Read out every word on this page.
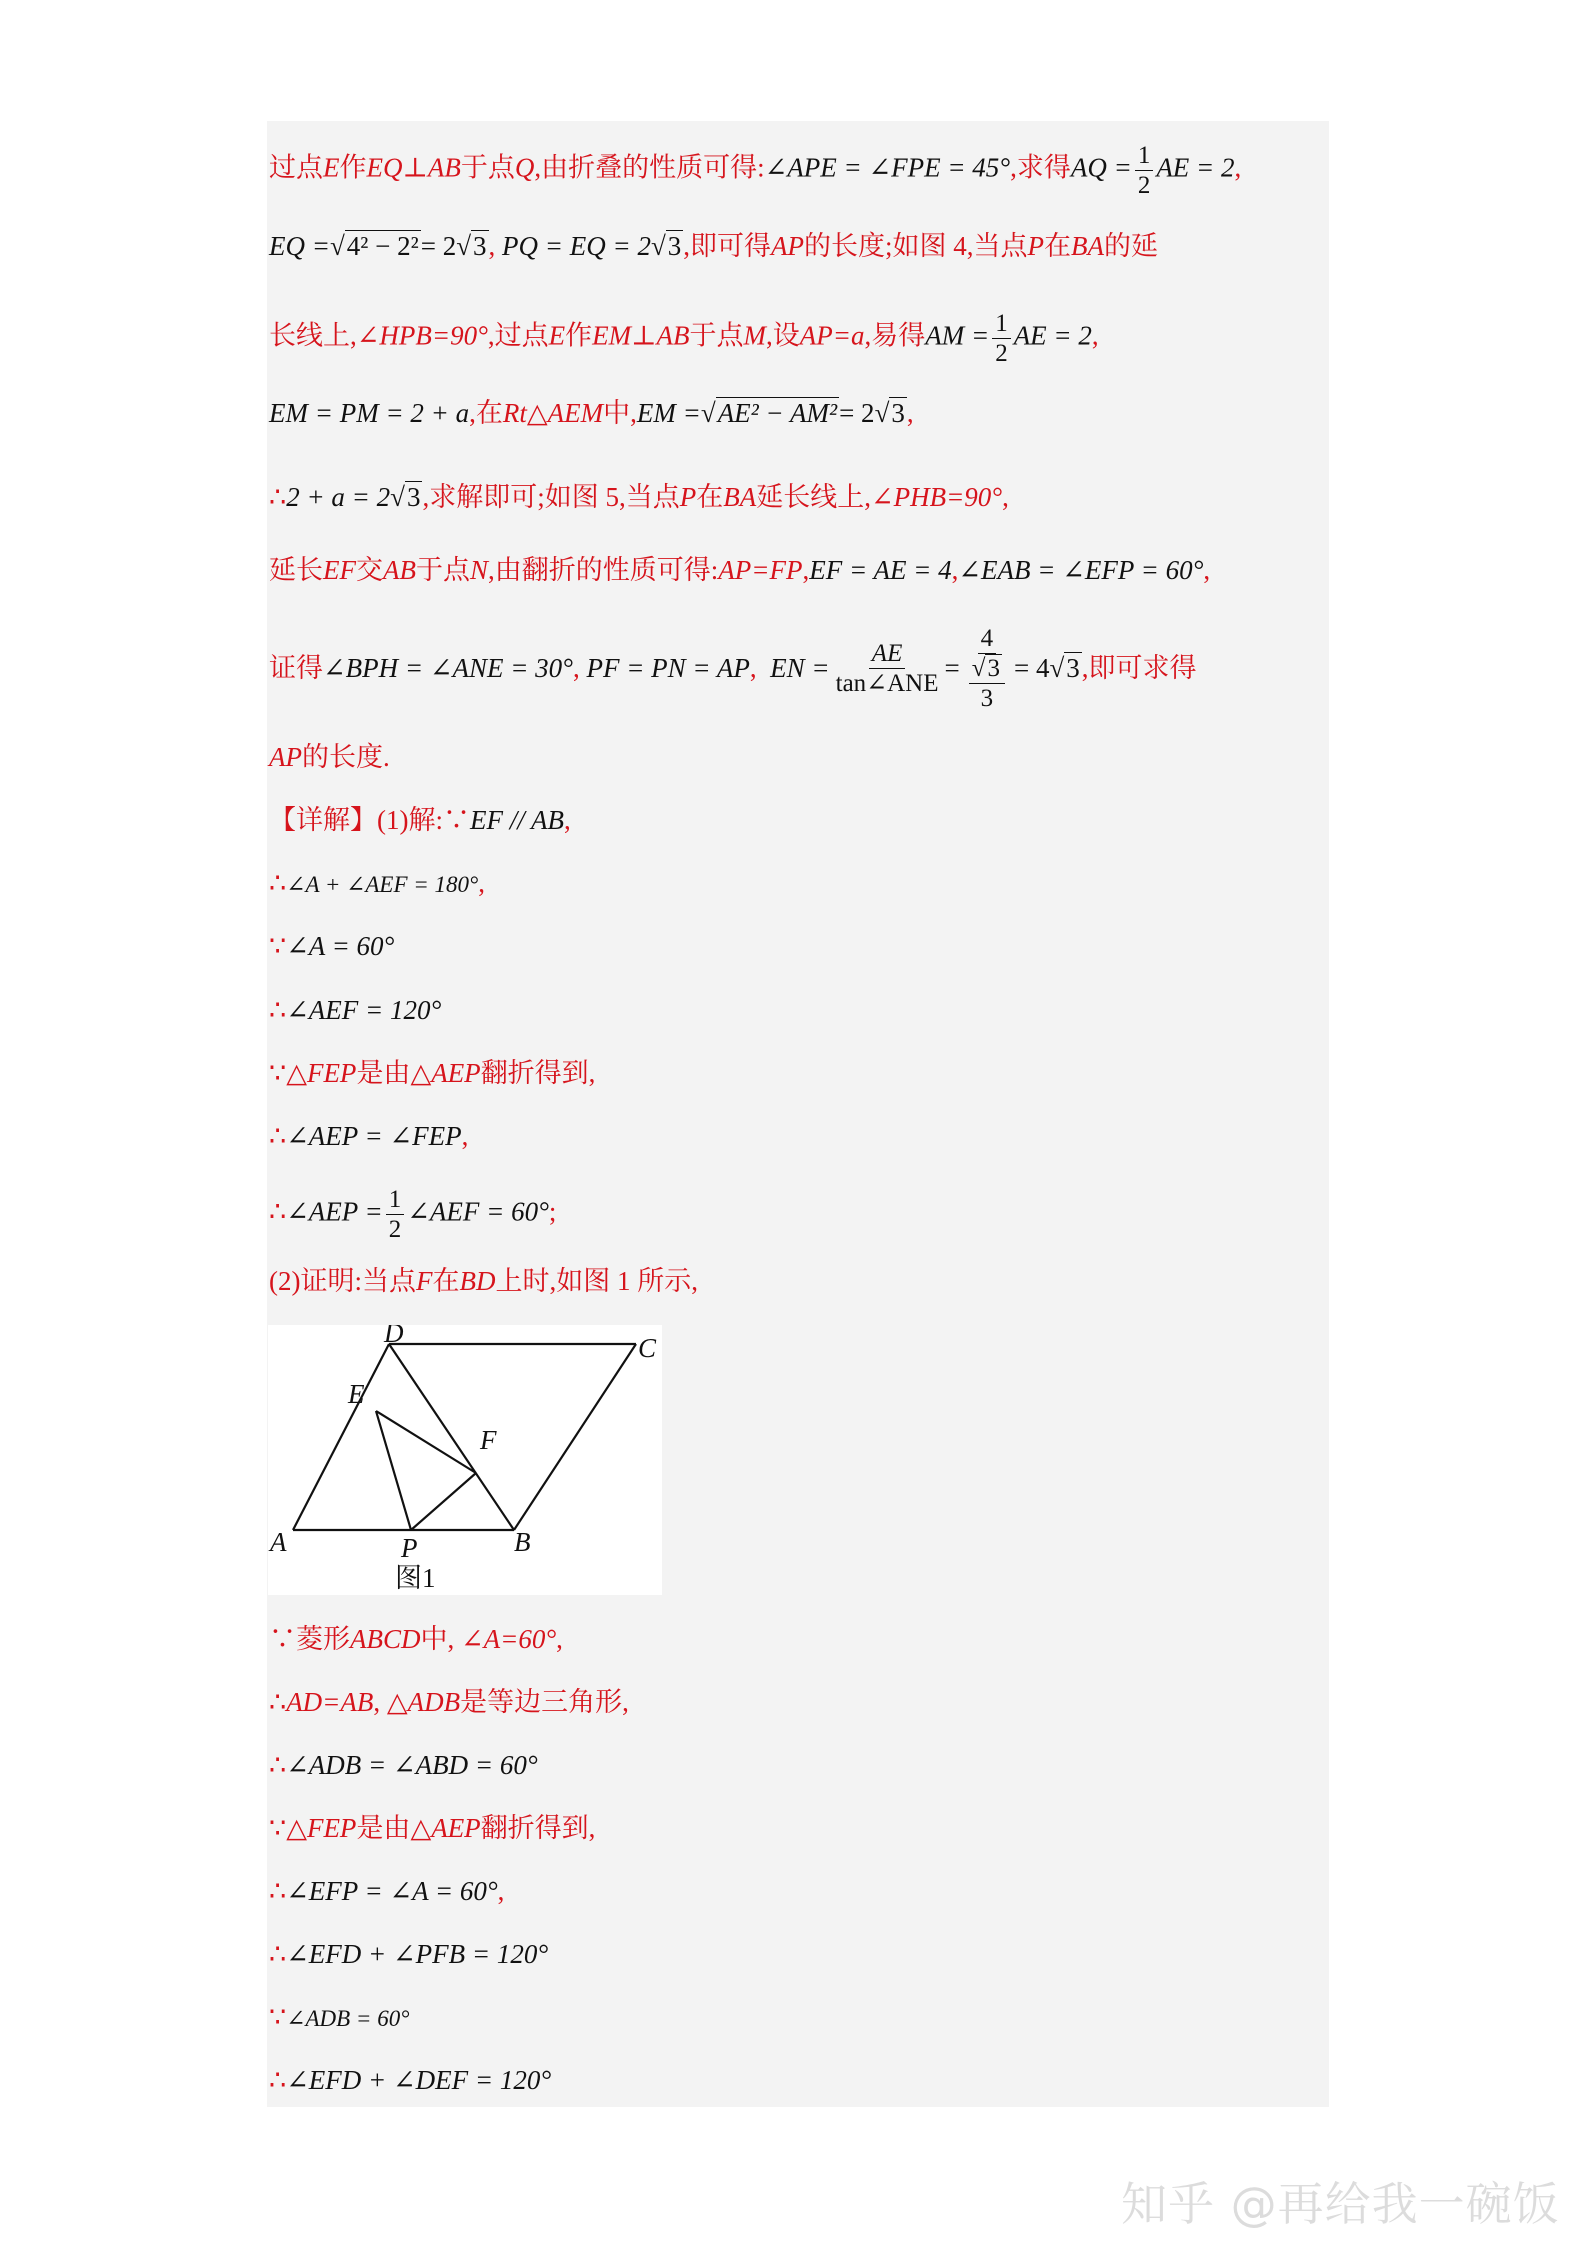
过点E作EQ⊥AB于点Q,由折叠的性质可得:∠APE = ∠FPE = 45°,求得AQ = $\frac{1}{2}$ AE = 2,
EQ =√4² − 2²= 2√3, PQ = EQ = 2√3,即可得AP的长度;如图 4,当点P在BA的延
长线上,∠HPB=90°,过点E作EM⊥AB于点M,设AP=a,易得AM = $\frac{1}{2}$ AE = 2,
EM = PM = 2 + a,在Rt△AEM中,EM =√AE² − AM²= 2√3,
∴2 + a = 2√3,求解即可;如图 5,当点P在BA延长线上,∠PHB=90°,
延长EF交AB于点N,由翻折的性质可得:AP=FP,EF = AE = 4,∠EAB = ∠EFP = 60°,
证得 ∠BPH = ∠ANE = 30° ,
PF = PN = AP ,
EN = $\frac{AE}{\text{tan∠ANE}} = \frac{4}{\frac{√3}{3}} = 4$ √3 ,即可求得
AP的长度.
【详解】(1)解:∵EF // AB,
∴∠A + ∠AEF = 180°,
∵∠A = 60°
∴∠AEF = 120°
∵△FEP是由△AEP翻折得到,
∴∠AEP = ∠FEP,
∴∠AEP = $\frac{1}{2}$ ∠AEF = 60°;
(2)证明:当点F在BD上时,如图 1 所示,
A	B
C
D
E
F
P
图1
∵菱形ABCD中, ∠A=60°,
∴AD=AB, △ADB是等边三角形,
∴∠ADB = ∠ABD = 60°
∵△FEP是由△AEP翻折得到,
∴∠EFP = ∠A = 60°,
∴∠EFD + ∠PFB = 120°
∵∠ADB = 60°
∴∠EFD + ∠DEF = 120°
知乎 @再给我一碗饭
